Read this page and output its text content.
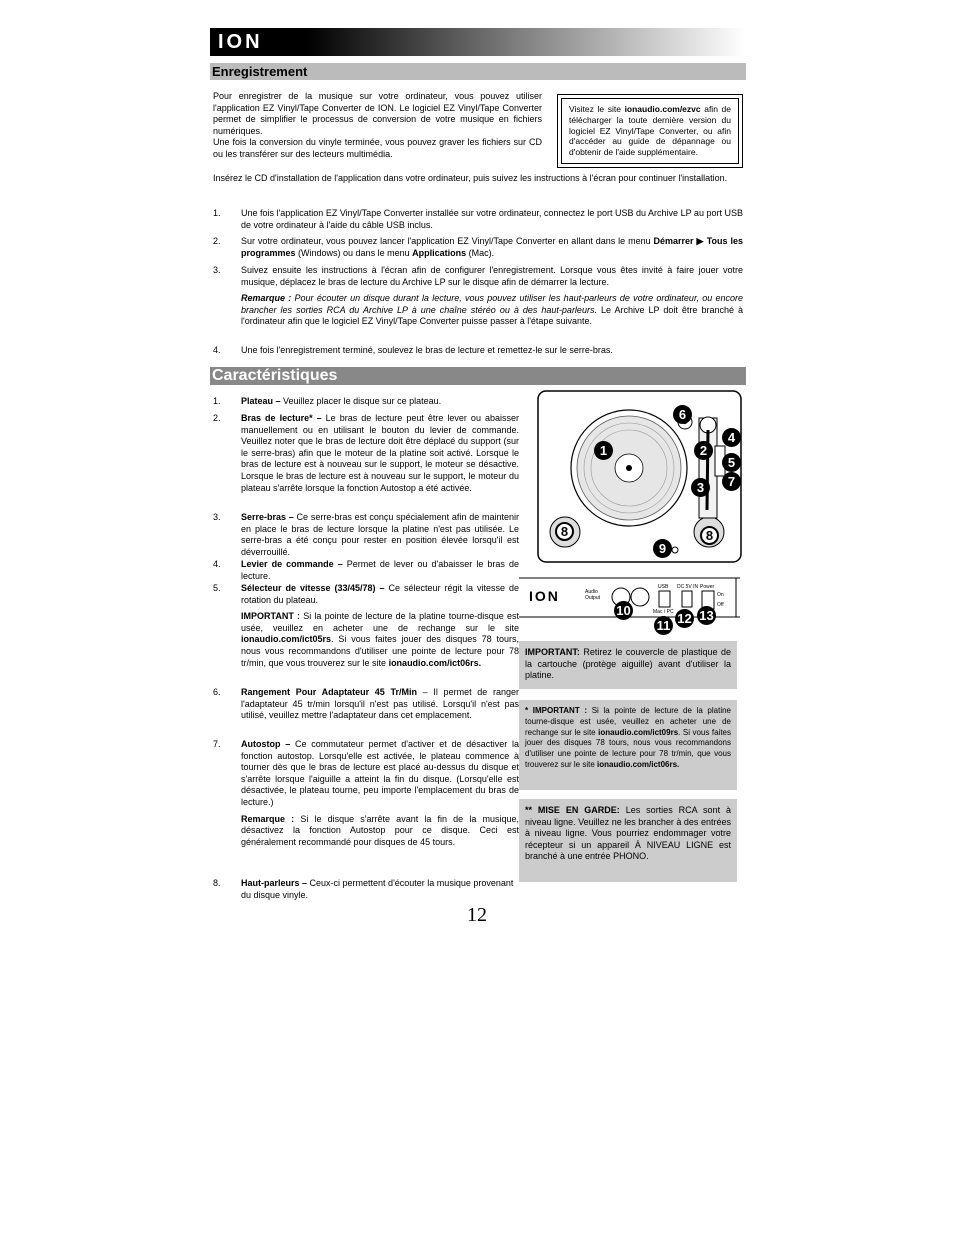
ION
Enregistrement

Pour enregistrer de la musique sur votre ordinateur, vous pouvez utiliser l'application EZ Vinyl/Tape Converter de ION. Le logiciel EZ Vinyl/Tape Converter permet de simplifier le processus de conversion de votre musique en fichiers numériques.

Une fois la conversion du vinyle terminée, vous pouvez graver les fichiers sur CD ou les transférer sur des lecteurs multimédia.

Visitez le site ionaudio.com/ezvc afin de télécharger la toute dernière version du logiciel EZ Vinyl/Tape Converter, ou afin d'accéder au guide de dépannage ou d'obtenir de l'aide supplémentaire.
Insérez le CD d'installation de l'application dans votre ordinateur, puis suivez les instructions à l'écran pour continuer l'installation.
1. Une fois l'application EZ Vinyl/Tape Converter installée sur votre ordinateur, connectez le port USB du Archive LP au port USB de votre ordinateur à l'aide du câble USB inclus.
2. Sur votre ordinateur, vous pouvez lancer l'application EZ Vinyl/Tape Converter en allant dans le menu Démarrer ▶ Tous les programmes (Windows) ou dans le menu Applications (Mac).
3. Suivez ensuite les instructions à l'écran afin de configurer l'enregistrement. Lorsque vous êtes invité à faire jouer votre musique, déplacez le bras de lecture du Archive LP sur le disque afin de démarrer la lecture.

Remarque : Pour écouter un disque durant la lecture, vous pouvez utiliser les haut-parleurs de votre ordinateur, ou encore brancher les sorties RCA du Archive LP à une chaîne stéréo ou à des haut-parleurs. Le Archive LP doit être branché à l'ordinateur afin que le logiciel EZ Vinyl/Tape Converter puisse passer à l'étape suivante.

4. Une fois l'enregistrement terminé, soulevez le bras de lecture et remettez-le sur le serre-bras.
Caractéristiques
1. Plateau – Veuillez placer le disque sur ce plateau.
2. Bras de lecture* – Le bras de lecture peut être lever ou abaisser manuellement ou en utilisant le bouton du levier de commande. Veuillez noter que le bras de lecture doit être déplacé du support (sur le serre-bras) afin que le moteur de la platine soit activé. Lorsque le bras de lecture est à nouveau sur le support, le moteur se désactive. Lorsque le bras de lecture est à nouveau sur le support, le moteur du plateau s'arrête lorsque la fonction Autostop a été activée.
3. Serre-bras – Ce serre-bras est conçu spécialement afin de maintenir en place le bras de lecture lorsque la platine n'est pas utilisée. Le serre-bras a été conçu pour rester en position élevée lorsqu'il est déverrouillé.
4. Levier de commande – Permet de lever ou d'abaisser le bras de lecture.
5. Sélecteur de vitesse (33/45/78) – Ce sélecteur régit la vitesse de rotation du plateau.

IMPORTANT : Si la pointe de lecture de la platine tourne-disque est usée, veuillez en acheter une de rechange sur le site ionaudio.com/ict05rs. Si vous faites jouer des disques 78 tours, nous vous recommandons d'utiliser une pointe de lecture pour 78 tr/min, que vous trouverez sur le site ionaudio.com/ict06rs.

6. Rangement Pour Adaptateur 45 Tr/Min – Il permet de ranger l'adaptateur 45 tr/min lorsqu'il n'est pas utilisé. Lorsqu'il n'est pas utilisé, veuillez mettre l'adaptateur dans cet emplacement.
7. Autostop – Ce commutateur permet d'activer et de désactiver la fonction autostop. Lorsqu'elle est activée, le plateau commence à tourner dès que le bras de lecture est placé au-dessus du disque et s'arrête lorsque l'aiguille a atteint la fin du disque. (Lorsqu'elle est désactivée, le plateau tourne, peu importe l'emplacement du bras de lecture.)

Remarque : Si le disque s'arrête avant la fin de la musique, désactivez la fonction Autostop pour ce disque. Ceci est généralement recommandé pour disques de 45 tours.

8. Haut-parleurs – Ceux-ci permettent d'écouter la musique provenant du disque vinyle.
1	2
3
4
5
6
7
8	8
9
ION	Audio
Output
USB
Mac / PC
DC 5V IN Power
On
Off
10
11 12 13
IMPORTANT: Retirez le couvercle de plastique de la cartouche (protège aiguille) avant d'utiliser la platine.
* IMPORTANT : Si la pointe de lecture de la platine tourne-disque est usée, veuillez en acheter une de rechange sur le site ionaudio.com/ict09rs. Si vous faites jouer des disques 78 tours, nous vous recommandons d'utiliser une pointe de lecture pour 78 tr/min, que vous trouverez sur le site ionaudio.com/ict06rs.
** MISE EN GARDE: Les sorties RCA sont à niveau ligne. Veuillez ne les brancher à des entrées à niveau ligne. Vous pourriez endommager votre récepteur si un appareil À NIVEAU LIGNE est branché à une entrée PHONO.
12
